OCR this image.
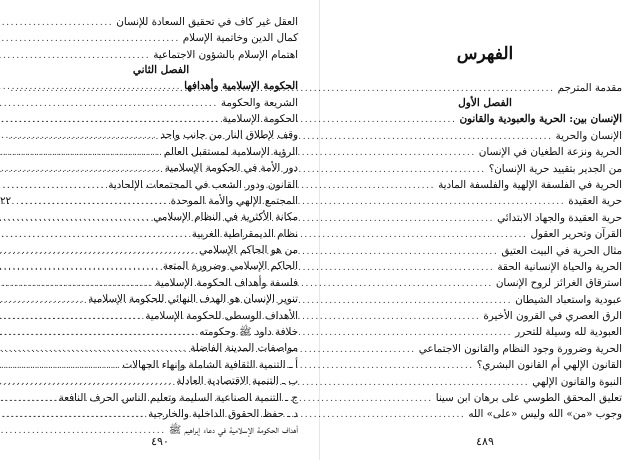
العقل غير كاف في تحقيق السعادة للإنسان
.....
كمال الدين وخاتمية الإسلام
.....
اهتمام الإسلام بالشؤون الاجتماعية
.....
الفصل الثاني
الحكومة الإسلامية وأهدافها
.....
الشريعة والحكومة
.....
الحكومة الإسلامية
.....
وقف لإطلاق النار من جانب واحد
.....
الرؤية الإسلامية لمستقبل العالم
.....
دور الأمة في الحكومة الإسلامية
.....
القانون ودور الشعب في المجتمعات الإلحادية
.....
المجتمع الإلهي والأمة الموحدة
.....
مكانة الأكثرية في النظام الإسلامي
.....
نظام الديمقراطية الغربية
.....
من هو الحاكم الإسلامي
.....
الحاكم الإسلامي وضرورة المتعة
.....
فلسفة وأهداف الحكومة الإسلامية
.....
تنوير الإنسان هو الهدف النهائي للحكومة الإسلامية
.....
الأهداف الوسطى للحكومة الإسلامية
.....
خلافة داود ﷺ وحكومته
.....
مواصفات المدينة الفاضلة
.....
أ ـ التنمية الثقافية الشاملة وإنهاء الجهالات
.....
ب ـ التنمية الاقتصادية العادلة
.....
ج ـ التنمية الصناعية السليمة وتعليم الناس الحرف النافعة
.....
د ـ حفظ الحقوق الداخلية والخارجية
.....
أهداف الحكومة الإسلامية في دعاء إبراهيم ﷺ
.....
٤٩٠
الفهرس
مقدمة المترجم
.....
الفصل الأول
الإنسان بين: الحرية والعبودية والقانون
.....
الإنسان والحرية
.....
الحرية ونزعة الطغيان في الإنسان
.....
من الجدير بتقييد حرية الإنسان؟
.....
الحرية في الفلسفة الإلهية والفلسفة المادية
.....
حرية العقيدة
.....
٢٢
حرية العقيدة والجهاد الابتدائي
.....
القرآن وتحرير العقول
.....
مثال الحرية في البيت العتيق
.....
الحرية والحياة الإنسانية الحقة
.....
استرقاق الغرائز لروح الإنسان
.....
عبودية واستعباد الشيطان
.....
الرق العصري في القرون الأخيرة
.....
العبودية لله وسيلة للتحرر
.....
الحرية وضرورة وجود النظام والقانون الاجتماعي
.....
القانون الإلهي أم القانون البشري؟
.....
النبوة والقانون الإلهي
.....
تعليق المحقق الطوسي على برهان ابن سينا
.....
وجوب «من» الله وليس «على» الله
.....
٤٨٩
